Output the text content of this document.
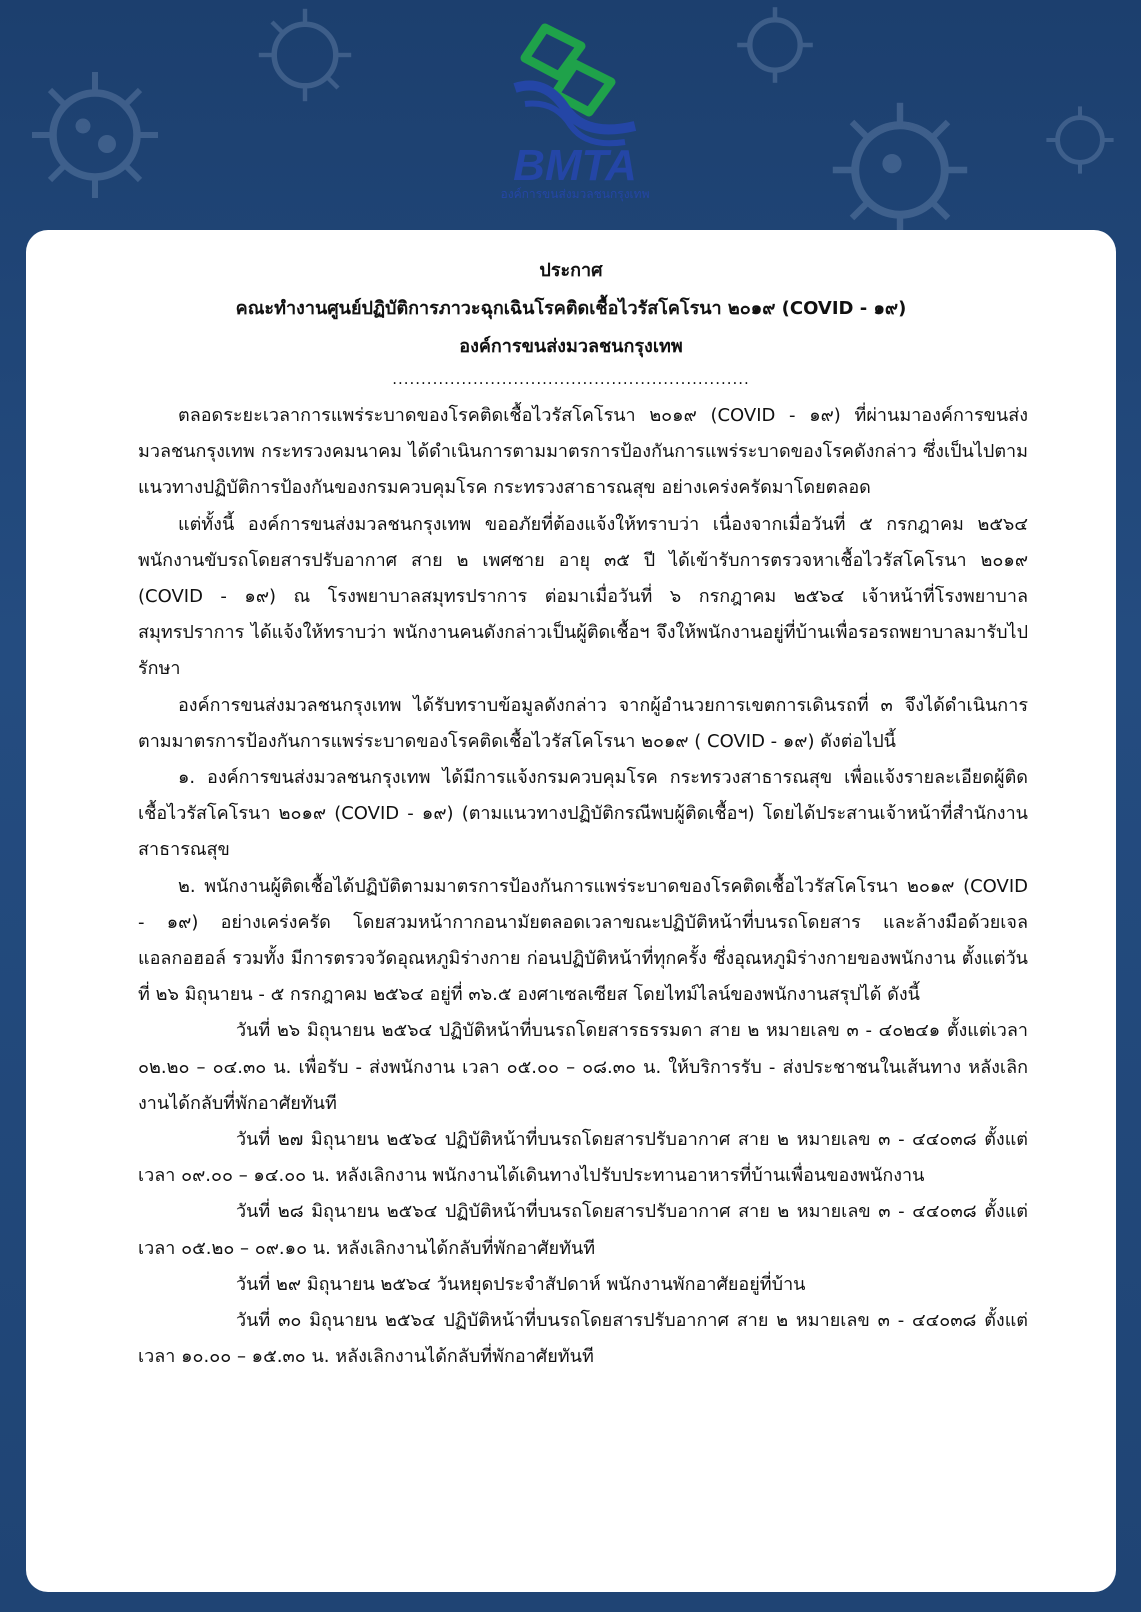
BMTA
องค์การขนส่งมวลชนกรุงเทพ
ประกาศ
คณะทำงานศูนย์ปฏิบัติการภาวะฉุกเฉินโรคติดเชื้อไวรัสโคโรนา ๒๐๑๙ (COVID - ๑๙)
องค์การขนส่งมวลชนกรุงเทพ
..............................................................
ตลอดระยะเวลาการแพร่ระบาดของโรคติดเชื้อไวรัสโคโรนา ๒๐๑๙ (COVID - ๑๙) ที่ผ่านมาองค์การขนส่งมวลชนกรุงเทพ กระทรวงคมนาคม ได้ดำเนินการตามมาตรการป้องกันการแพร่ระบาดของโรคดังกล่าว ซึ่งเป็นไปตามแนวทางปฏิบัติการป้องกันของกรมควบคุมโรค กระทรวงสาธารณสุข อย่างเคร่งครัดมาโดยตลอด
แต่ทั้งนี้ องค์การขนส่งมวลชนกรุงเทพ ขออภัยที่ต้องแจ้งให้ทราบว่า เนื่องจากเมื่อวันที่ ๕ กรกฎาคม ๒๕๖๔ พนักงานขับรถโดยสารปรับอากาศ สาย ๒ เพศชาย อายุ ๓๕ ปี ได้เข้ารับการตรวจหาเชื้อไวรัสโคโรนา ๒๐๑๙ (COVID - ๑๙) ณ โรงพยาบาลสมุทรปราการ ต่อมาเมื่อวันที่ ๖ กรกฎาคม ๒๕๖๔ เจ้าหน้าที่โรงพยาบาลสมุทรปราการ ได้แจ้งให้ทราบว่า พนักงานคนดังกล่าวเป็นผู้ติดเชื้อฯ จึงให้พนักงานอยู่ที่บ้านเพื่อรอรถพยาบาลมารับไปรักษา
องค์การขนส่งมวลชนกรุงเทพ ได้รับทราบข้อมูลดังกล่าว จากผู้อำนวยการเขตการเดินรถที่ ๓ จึงได้ดำเนินการตามมาตรการป้องกันการแพร่ระบาดของโรคติดเชื้อไวรัสโคโรนา ๒๐๑๙ ( COVID - ๑๙) ดังต่อไปนี้
๑. องค์การขนส่งมวลชนกรุงเทพ ได้มีการแจ้งกรมควบคุมโรค กระทรวงสาธารณสุข เพื่อแจ้งรายละเอียดผู้ติดเชื้อไวรัสโคโรนา ๒๐๑๙ (COVID - ๑๙) (ตามแนวทางปฏิบัติกรณีพบผู้ติดเชื้อฯ) โดยได้ประสานเจ้าหน้าที่สำนักงานสาธารณสุข
๒. พนักงานผู้ติดเชื้อได้ปฏิบัติตามมาตรการป้องกันการแพร่ระบาดของโรคติดเชื้อไวรัสโคโรนา ๒๐๑๙ (COVID - ๑๙) อย่างเคร่งครัด โดยสวมหน้ากากอนามัยตลอดเวลาขณะปฏิบัติหน้าที่บนรถโดยสาร และล้างมือด้วยเจลแอลกอฮอล์ รวมทั้ง มีการตรวจวัดอุณหภูมิร่างกาย ก่อนปฏิบัติหน้าที่ทุกครั้ง ซึ่งอุณหภูมิร่างกายของพนักงาน ตั้งแต่วันที่ ๒๖ มิถุนายน - ๕ กรกฎาคม ๒๕๖๔ อยู่ที่ ๓๖.๕ องศาเซลเซียส โดยไทม์ไลน์ของพนักงานสรุปได้ ดังนี้
วันที่ ๒๖ มิถุนายน ๒๕๖๔ ปฏิบัติหน้าที่บนรถโดยสารธรรมดา สาย ๒ หมายเลข ๓ - ๔๐๒๔๑ ตั้งแต่เวลา ๐๒.๒๐ – ๐๔.๓๐ น. เพื่อรับ - ส่งพนักงาน เวลา ๐๕.๐๐ – ๐๘.๓๐ น. ให้บริการรับ - ส่งประชาชนในเส้นทาง หลังเลิกงานได้กลับที่พักอาศัยทันที
วันที่ ๒๗ มิถุนายน ๒๕๖๔ ปฏิบัติหน้าที่บนรถโดยสารปรับอากาศ สาย ๒ หมายเลข ๓ - ๔๔๐๓๘ ตั้งแต่เวลา ๐๙.๐๐ – ๑๔.๐๐ น. หลังเลิกงาน พนักงานได้เดินทางไปรับประทานอาหารที่บ้านเพื่อนของพนักงาน
วันที่ ๒๘ มิถุนายน ๒๕๖๔ ปฏิบัติหน้าที่บนรถโดยสารปรับอากาศ สาย ๒ หมายเลข ๓ - ๔๔๐๓๘ ตั้งแต่เวลา ๐๕.๒๐ – ๐๙.๑๐ น. หลังเลิกงานได้กลับที่พักอาศัยทันที
วันที่ ๒๙ มิถุนายน ๒๕๖๔ วันหยุดประจำสัปดาห์ พนักงานพักอาศัยอยู่ที่บ้าน
วันที่ ๓๐ มิถุนายน ๒๕๖๔ ปฏิบัติหน้าที่บนรถโดยสารปรับอากาศ สาย ๒ หมายเลข ๓ - ๔๔๐๓๘ ตั้งแต่เวลา ๑๐.๐๐ – ๑๕.๓๐ น. หลังเลิกงานได้กลับที่พักอาศัยทันที
